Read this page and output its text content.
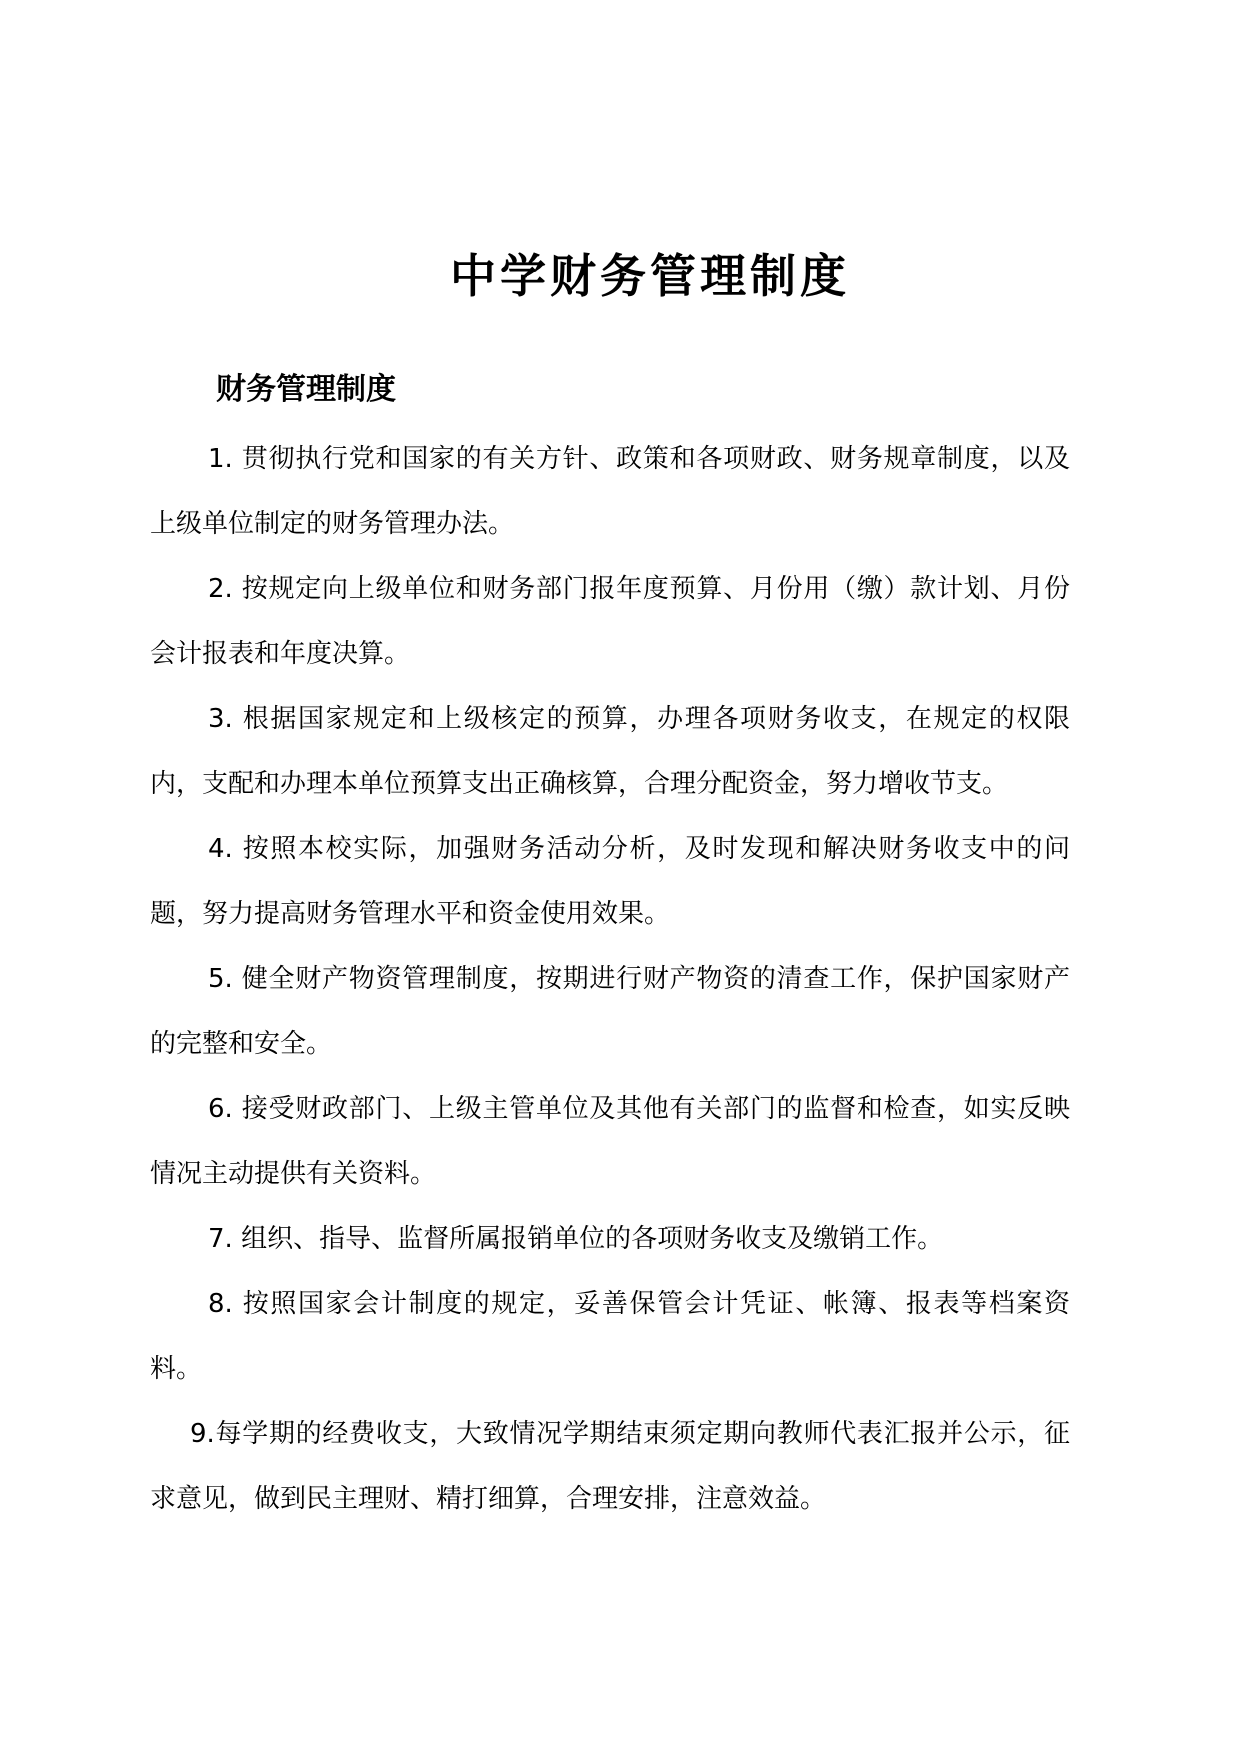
中学财务管理制度
财务管理制度

1. 贯彻执行党和国家的有关方针、政策和各项财政、财务规章制度，以及上级单位制定的财务管理办法。

2. 按规定向上级单位和财务部门报年度预算、月份用（缴）款计划、月份会计报表和年度决算。

3. 根据国家规定和上级核定的预算，办理各项财务收支，在规定的权限内，支配和办理本单位预算支出正确核算，合理分配资金，努力增收节支。

4. 按照本校实际，加强财务活动分析，及时发现和解决财务收支中的问题，努力提高财务管理水平和资金使用效果。

5. 健全财产物资管理制度，按期进行财产物资的清查工作，保护国家财产的完整和安全。

6. 接受财政部门、上级主管单位及其他有关部门的监督和检查，如实反映情况主动提供有关资料。

7. 组织、指导、监督所属报销单位的各项财务收支及缴销工作。

8. 按照国家会计制度的规定，妥善保管会计凭证、帐簿、报表等档案资料。

9.每学期的经费收支，大致情况学期结束须定期向教师代表汇报并公示，征求意见，做到民主理财、精打细算，合理安排，注意效益。
